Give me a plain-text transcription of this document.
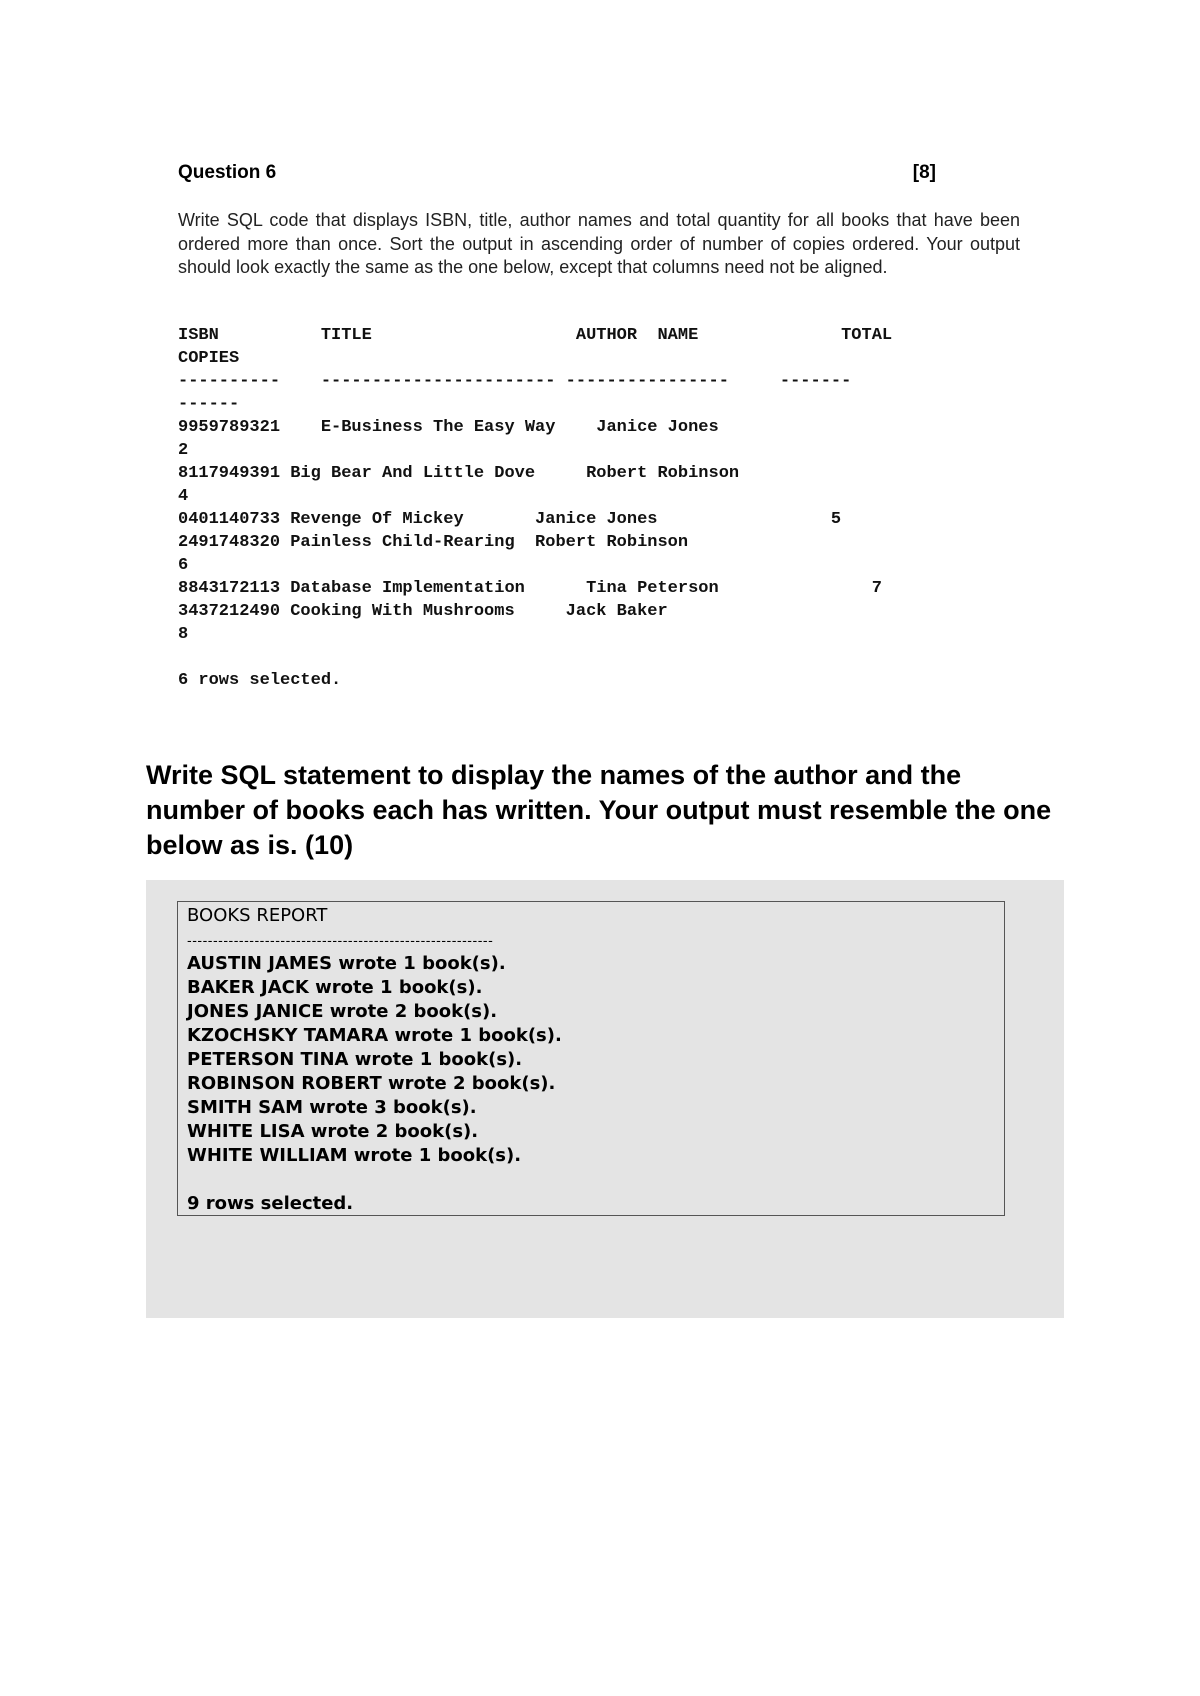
Question 6	[8]
Write SQL code that displays ISBN, title, author names and total quantity for all books that have been ordered more than once. Sort the output in ascending order of number of copies ordered. Your output should look exactly the same as the one below, except that columns need not be aligned.
ISBN          TITLE                    AUTHOR  NAME              TOTAL
COPIES
----------    ----------------------- ----------------     -------
------
9959789321    E-Business The Easy Way    Janice Jones
2
8117949391 Big Bear And Little Dove     Robert Robinson
4
0401140733 Revenge Of Mickey       Janice Jones                 5
2491748320 Painless Child-Rearing  Robert Robinson
6
8843172113 Database Implementation      Tina Peterson               7
3437212490 Cooking With Mushrooms     Jack Baker
8
6 rows selected.
Write SQL statement to display the names of the author and the number of books each has written. Your output must resemble the one below as is. (10)
BOOKS REPORT
-----------------------------------------------------------
AUSTIN JAMES wrote 1 book(s).
BAKER JACK wrote 1 book(s).
JONES JANICE wrote 2 book(s).
KZOCHSKY TAMARA wrote 1 book(s).
PETERSON TINA wrote 1 book(s).
ROBINSON ROBERT wrote 2 book(s).
SMITH SAM wrote 3 book(s).
WHITE LISA wrote 2 book(s).
WHITE WILLIAM wrote 1 book(s).
9 rows selected.
